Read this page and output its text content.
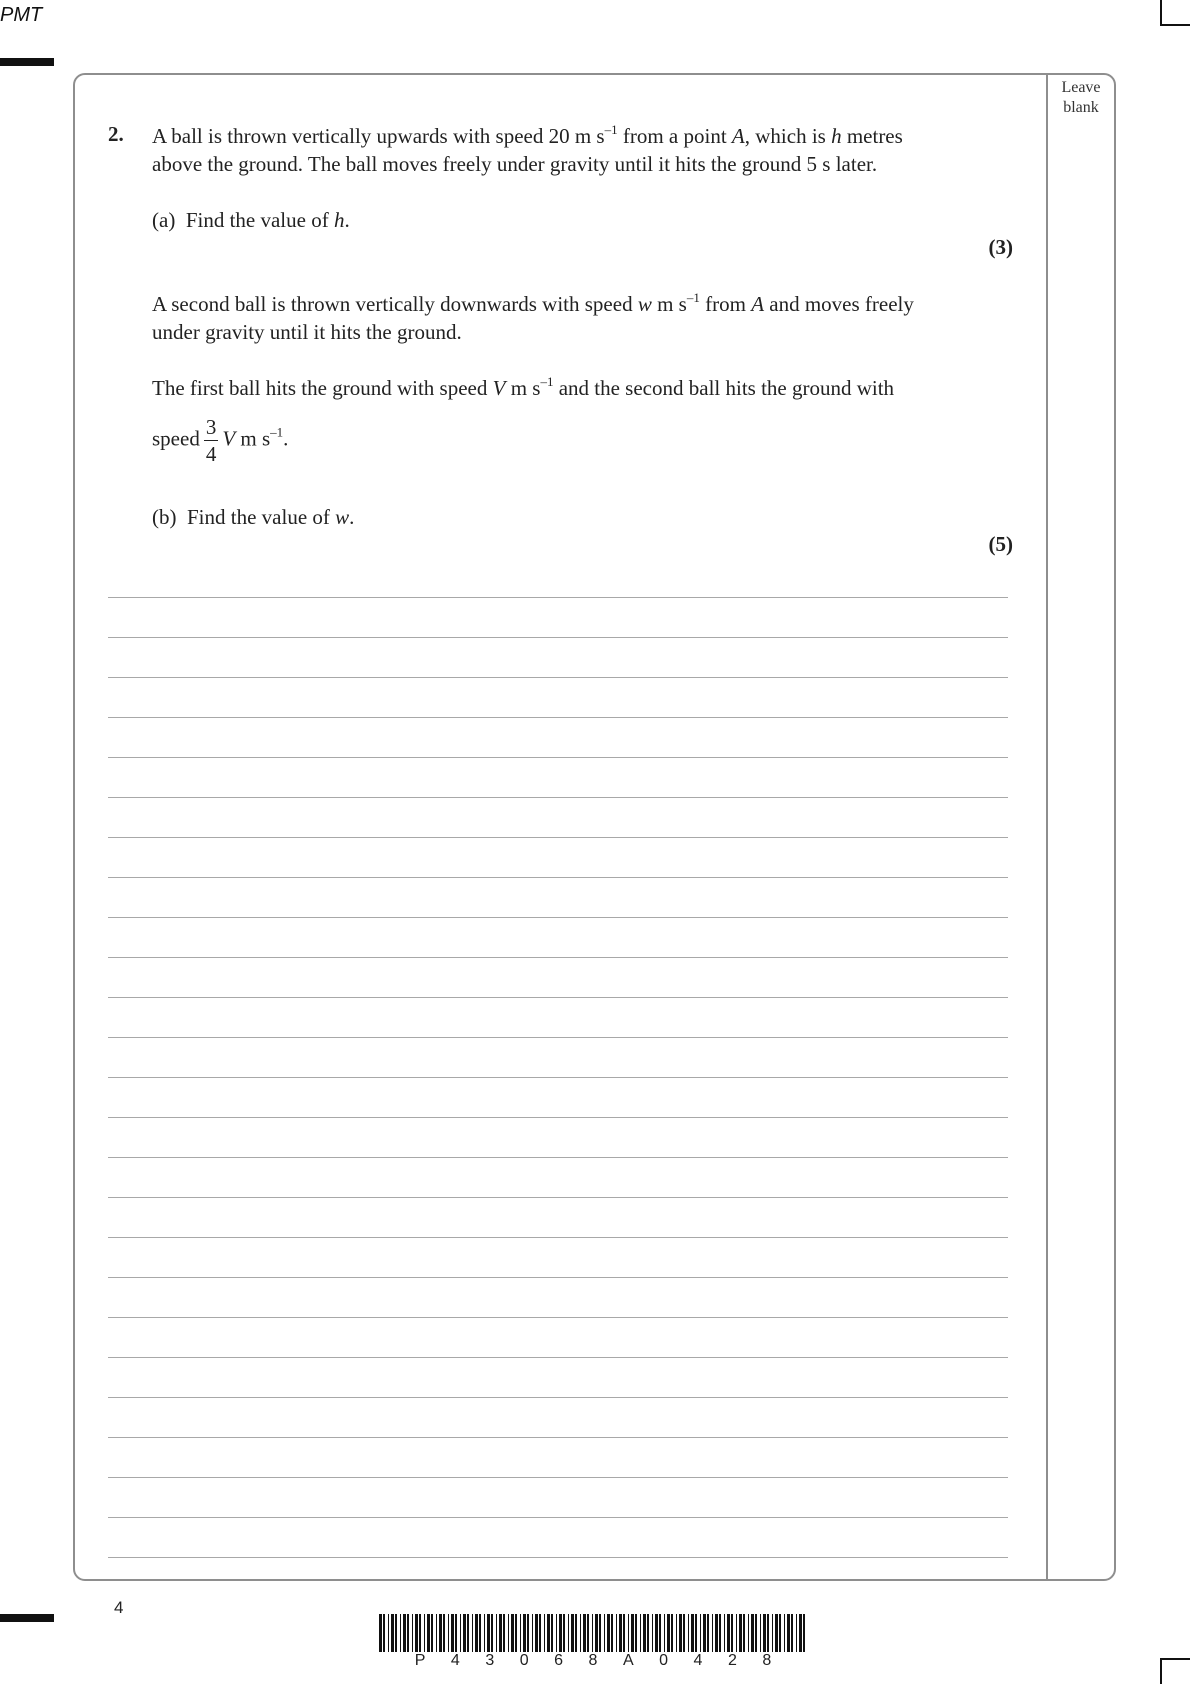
PMT
Leave blank
2. A ball is thrown vertically upwards with speed 20 m $s^{-1}$ from a point A, which is h metres
above the ground. The ball moves freely under gravity until it hits the ground 5 s later.
(a) Find the value of h.
(3)
A second ball is thrown vertically downwards with speed w m $s^{-1}$ from A and moves freely
under gravity until it hits the ground.
The first ball hits the ground with speed V m $s^{-1}$ and the second ball hits the ground with
speed $\frac{3}{4}$ V m $s^{-1}$.
(b) Find the value of w.
(5)
4
P 4 3 0 6 8 A 0 4 2 8
